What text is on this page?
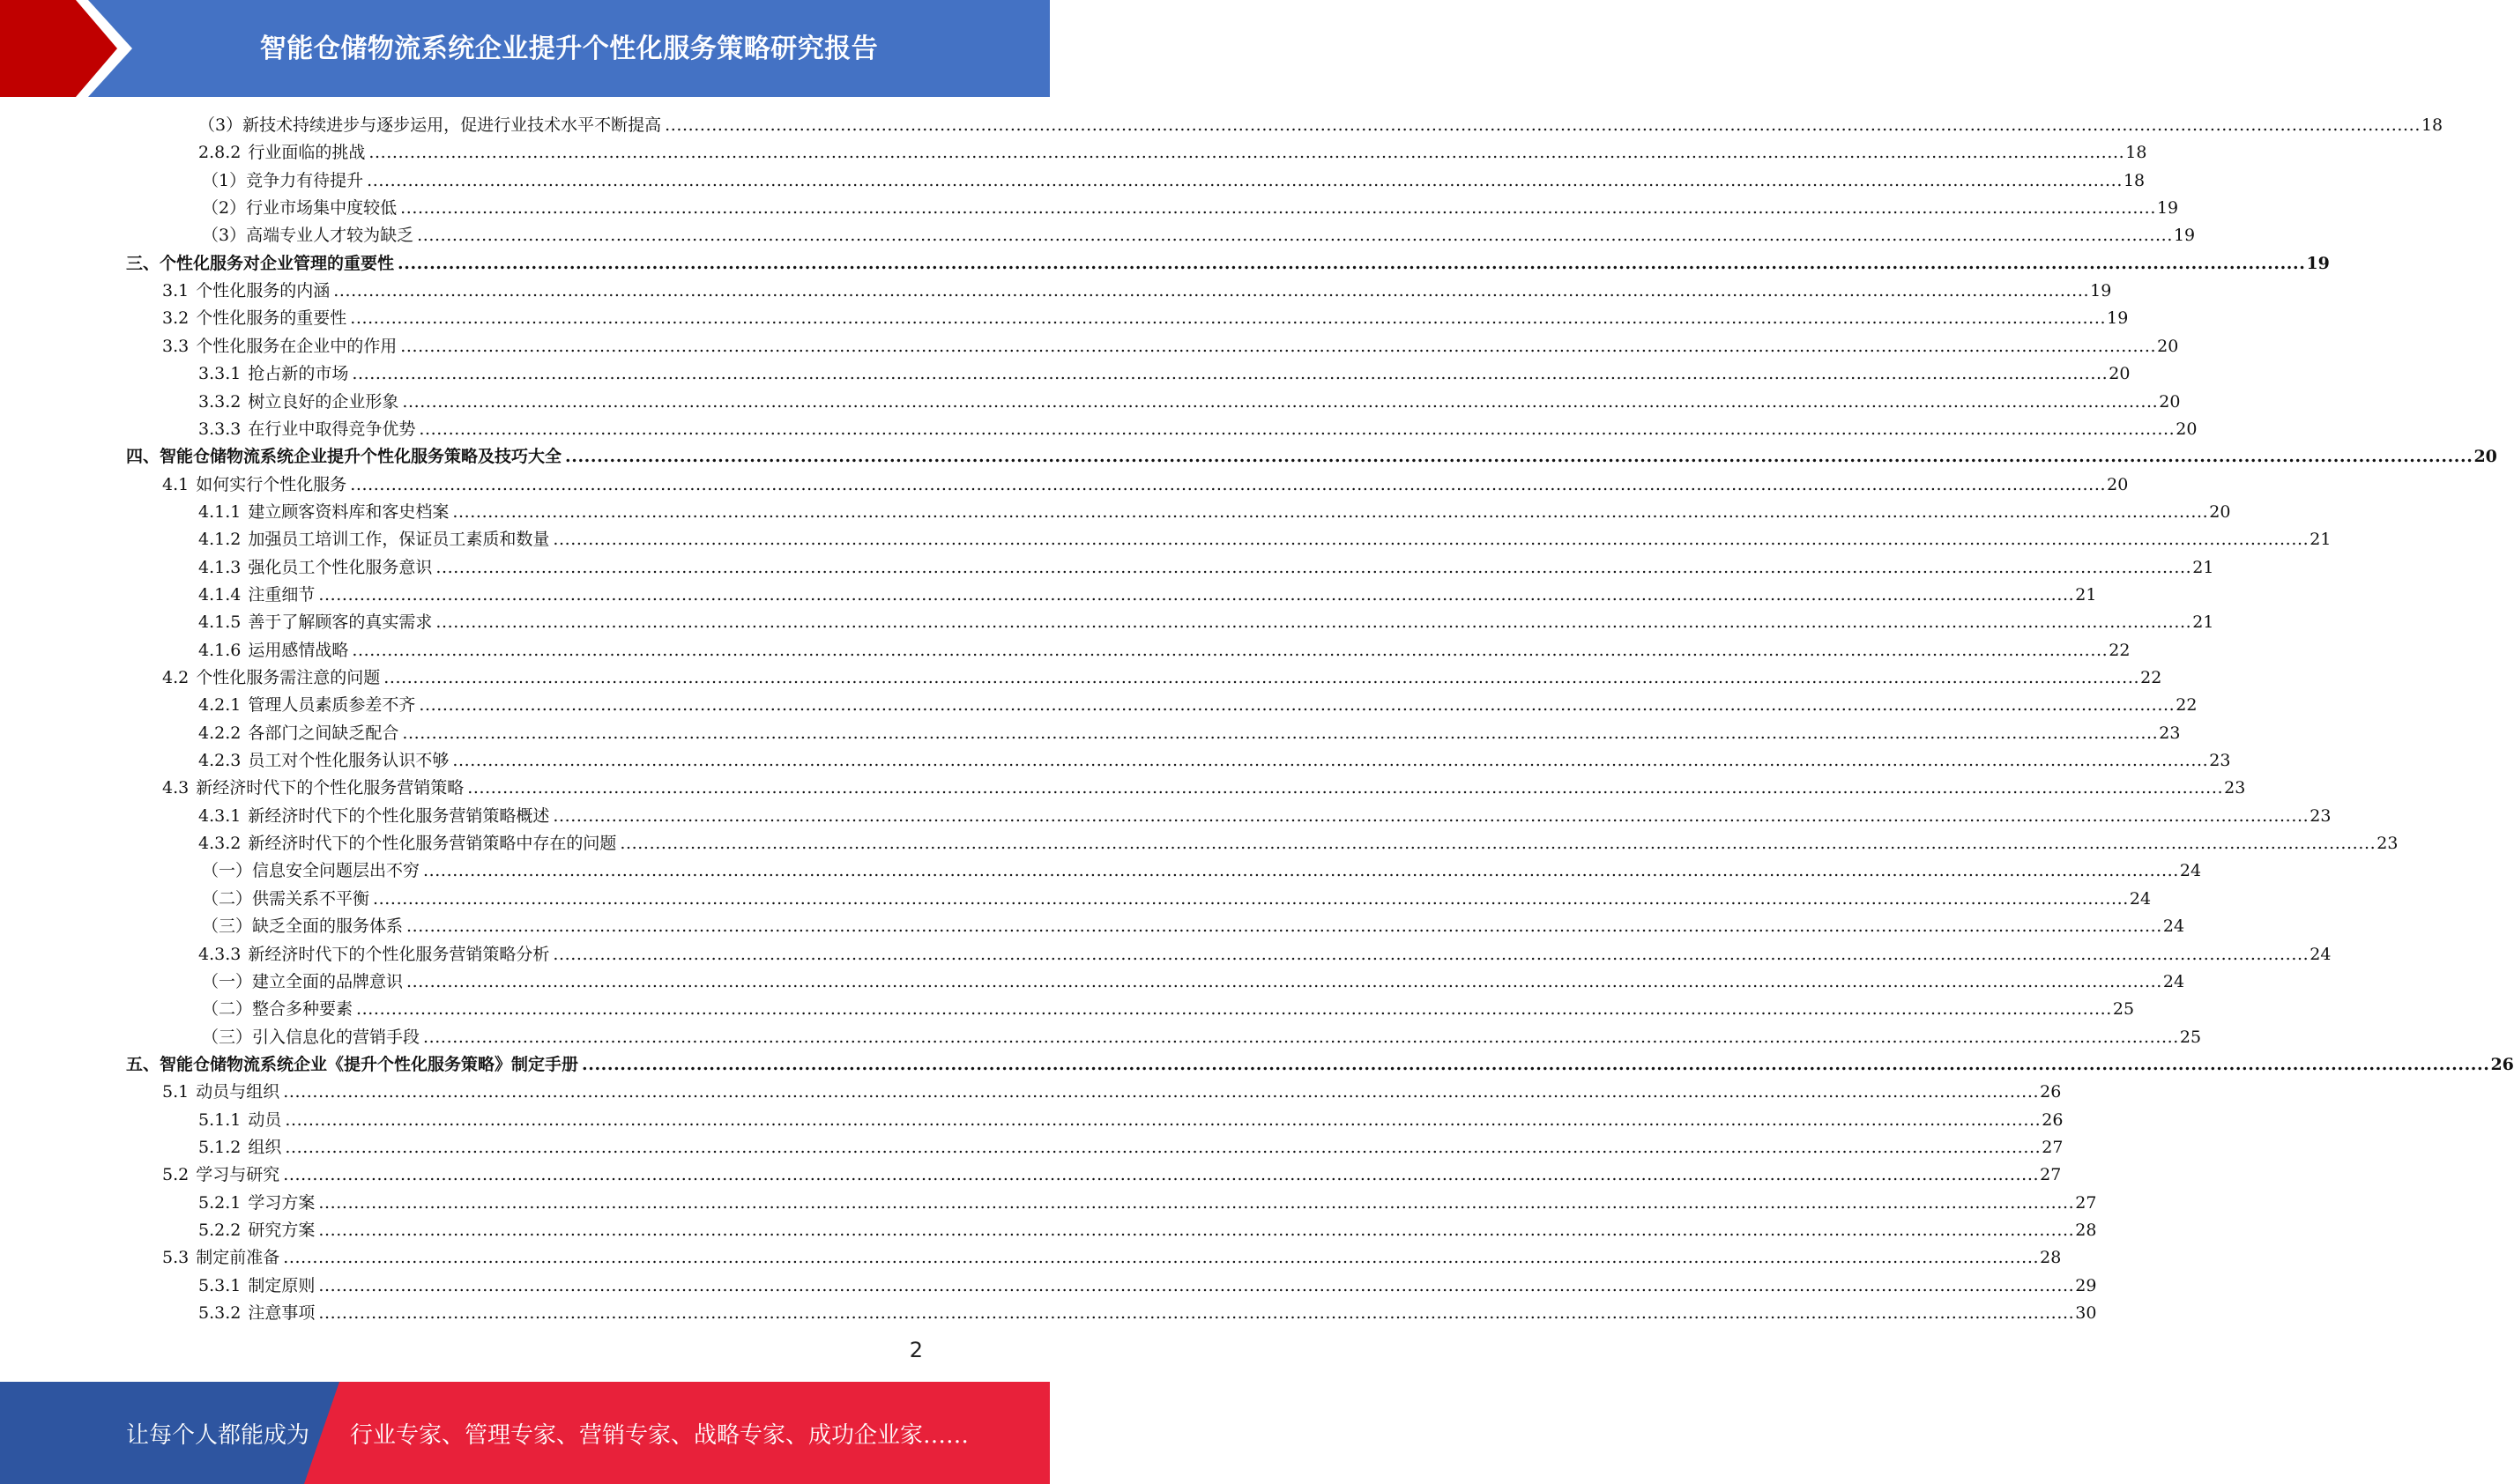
智能仓储物流系统企业提升个性化服务策略研究报告
（3）新技术持续进步与逐步运用，促进行业技术水平不断提高 ............................................................................................................................................................................................................................................................................................................ 18
2.8.2 行业面临的挑战 ............................................................................................................................................................................................................................................................................................................ 18
（1）竞争力有待提升 ............................................................................................................................................................................................................................................................................................................ 18
（2）行业市场集中度较低 ............................................................................................................................................................................................................................................................................................................ 19
（3）高端专业人才较为缺乏 ............................................................................................................................................................................................................................................................................................................ 19
三、个性化服务对企业管理的重要性 ............................................................................................................................................................................................................................................................................................................ 19
3.1 个性化服务的内涵 ............................................................................................................................................................................................................................................................................................................ 19
3.2 个性化服务的重要性 ............................................................................................................................................................................................................................................................................................................ 19
3.3 个性化服务在企业中的作用 ............................................................................................................................................................................................................................................................................................................ 20
3.3.1 抢占新的市场 ............................................................................................................................................................................................................................................................................................................ 20
3.3.2 树立良好的企业形象 ............................................................................................................................................................................................................................................................................................................ 20
3.3.3 在行业中取得竞争优势 ............................................................................................................................................................................................................................................................................................................ 20
四、智能仓储物流系统企业提升个性化服务策略及技巧大全 ............................................................................................................................................................................................................................................................................................................ 20
4.1 如何实行个性化服务 ............................................................................................................................................................................................................................................................................................................ 20
4.1.1 建立顾客资料库和客史档案 ............................................................................................................................................................................................................................................................................................................ 20
4.1.2 加强员工培训工作，保证员工素质和数量 ............................................................................................................................................................................................................................................................................................................ 21
4.1.3 强化员工个性化服务意识 ............................................................................................................................................................................................................................................................................................................ 21
4.1.4 注重细节 ............................................................................................................................................................................................................................................................................................................ 21
4.1.5 善于了解顾客的真实需求 ............................................................................................................................................................................................................................................................................................................ 21
4.1.6 运用感情战略 ............................................................................................................................................................................................................................................................................................................ 22
4.2 个性化服务需注意的问题 ............................................................................................................................................................................................................................................................................................................ 22
4.2.1 管理人员素质参差不齐 ............................................................................................................................................................................................................................................................................................................ 22
4.2.2 各部门之间缺乏配合 ............................................................................................................................................................................................................................................................................................................ 23
4.2.3 员工对个性化服务认识不够 ............................................................................................................................................................................................................................................................................................................ 23
4.3 新经济时代下的个性化服务营销策略 ............................................................................................................................................................................................................................................................................................................ 23
4.3.1 新经济时代下的个性化服务营销策略概述 ............................................................................................................................................................................................................................................................................................................ 23
4.3.2 新经济时代下的个性化服务营销策略中存在的问题 ............................................................................................................................................................................................................................................................................................................ 23
（一）信息安全问题层出不穷 ............................................................................................................................................................................................................................................................................................................ 24
（二）供需关系不平衡 ............................................................................................................................................................................................................................................................................................................ 24
（三）缺乏全面的服务体系 ............................................................................................................................................................................................................................................................................................................ 24
4.3.3 新经济时代下的个性化服务营销策略分析 ............................................................................................................................................................................................................................................................................................................ 24
（一）建立全面的品牌意识 ............................................................................................................................................................................................................................................................................................................ 24
（二）整合多种要素 ............................................................................................................................................................................................................................................................................................................ 25
（三）引入信息化的营销手段 ............................................................................................................................................................................................................................................................................................................ 25
五、智能仓储物流系统企业《提升个性化服务策略》制定手册 ............................................................................................................................................................................................................................................................................................................ 26
5.1 动员与组织 ............................................................................................................................................................................................................................................................................................................ 26
5.1.1 动员 ............................................................................................................................................................................................................................................................................................................ 26
5.1.2 组织 ............................................................................................................................................................................................................................................................................................................ 27
5.2 学习与研究 ............................................................................................................................................................................................................................................................................................................ 27
5.2.1 学习方案 ............................................................................................................................................................................................................................................................................................................ 27
5.2.2 研究方案 ............................................................................................................................................................................................................................................................................................................ 28
5.3 制定前准备 ............................................................................................................................................................................................................................................................................................................ 28
5.3.1 制定原则 ............................................................................................................................................................................................................................................................................................................ 29
5.3.2 注意事项 ............................................................................................................................................................................................................................................................................................................ 30
2
让每个人都能成为 行业专家、管理专家、营销专家、战略专家、成功企业家……
